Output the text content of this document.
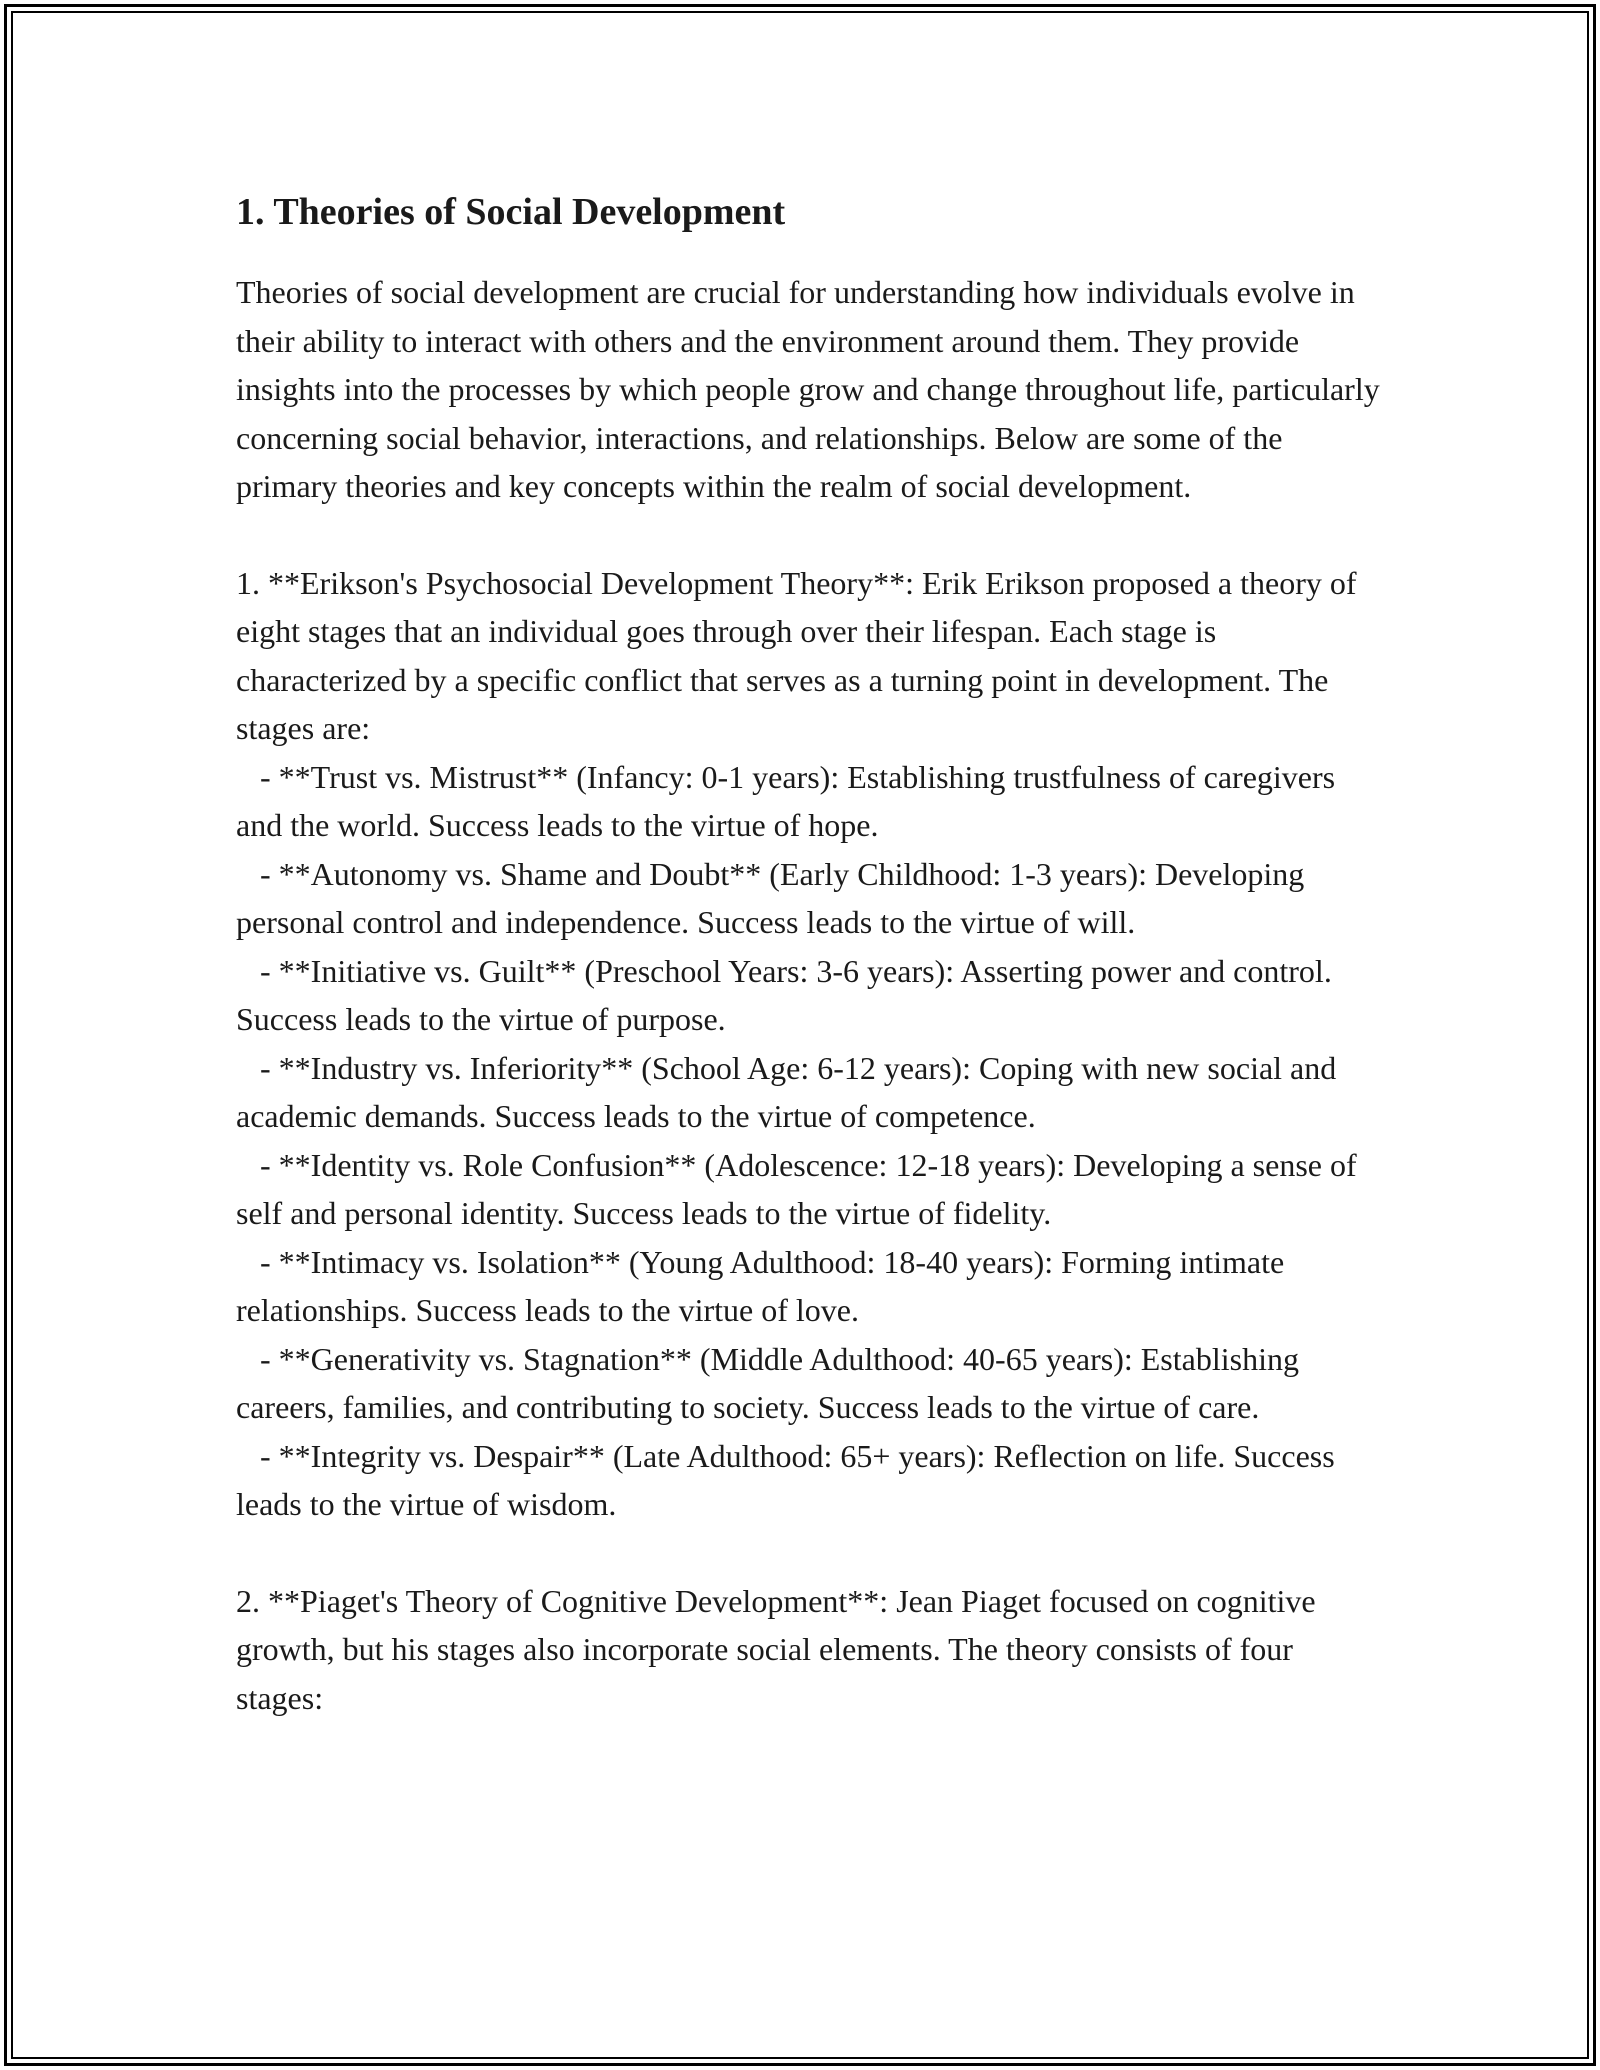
1. Theories of Social Development

Theories of social development are crucial for understanding how individuals evolve in their ability to interact with others and the environment around them. They provide insights into the processes by which people grow and change throughout life, particularly concerning social behavior, interactions, and relationships. Below are some of the primary theories and key concepts within the realm of social development.

1. **Erikson's Psychosocial Development Theory**: Erik Erikson proposed a theory of eight stages that an individual goes through over their lifespan. Each stage is characterized by a specific conflict that serves as a turning point in development. The stages are:

- **Trust vs. Mistrust** (Infancy: 0-1 years): Establishing trustfulness of caregivers and the world. Success leads to the virtue of hope.

- **Autonomy vs. Shame and Doubt** (Early Childhood: 1-3 years): Developing personal control and independence. Success leads to the virtue of will.

- **Initiative vs. Guilt** (Preschool Years: 3-6 years): Asserting power and control. Success leads to the virtue of purpose.

- **Industry vs. Inferiority** (School Age: 6-12 years): Coping with new social and academic demands. Success leads to the virtue of competence.

- **Identity vs. Role Confusion** (Adolescence: 12-18 years): Developing a sense of self and personal identity. Success leads to the virtue of fidelity.

- **Intimacy vs. Isolation** (Young Adulthood: 18-40 years): Forming intimate relationships. Success leads to the virtue of love.

- **Generativity vs. Stagnation** (Middle Adulthood: 40-65 years): Establishing careers, families, and contributing to society. Success leads to the virtue of care.

- **Integrity vs. Despair** (Late Adulthood: 65+ years): Reflection on life. Success leads to the virtue of wisdom.

2. **Piaget's Theory of Cognitive Development**: Jean Piaget focused on cognitive growth, but his stages also incorporate social elements. The theory consists of four stages:
